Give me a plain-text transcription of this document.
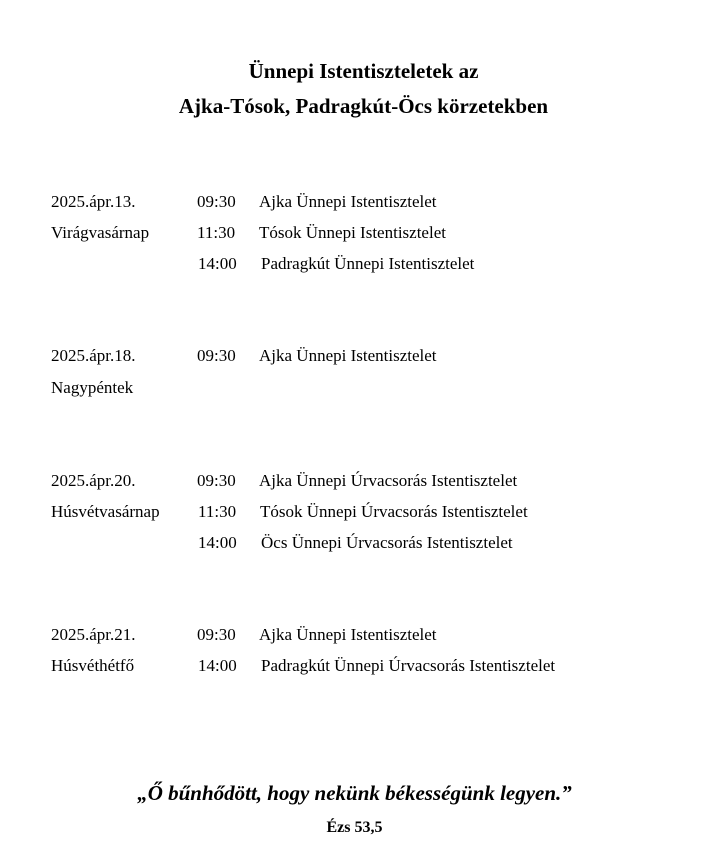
Ünnepi Istentiszteletek az
Ajka-Tósok, Padragkút-Öcs körzetekben
2025.ápr.13.	09:30 Ajka Ünnepi Istentisztelet
Virágvasárnap	11:30 Tósok Ünnepi Istentisztelet
14:00 Padragkút Ünnepi Istentisztelet
2025.ápr.18.	09:30 Ajka Ünnepi Istentisztelet
Nagypéntek
2025.ápr.20.	09:30 Ajka Ünnepi Úrvacsorás Istentisztelet
Húsvétvasárnap 11:30 Tósok Ünnepi Úrvacsorás Istentisztelet
14:00 Öcs Ünnepi Úrvacsorás Istentisztelet
2025.ápr.21.	09:30 Ajka Ünnepi Istentisztelet
Húsvéthétfő	14:00 Padragkút Ünnepi Úrvacsorás Istentisztelet
„Ő bűnhődött, hogy nekünk békességünk legyen.”
Ézs 53,5
